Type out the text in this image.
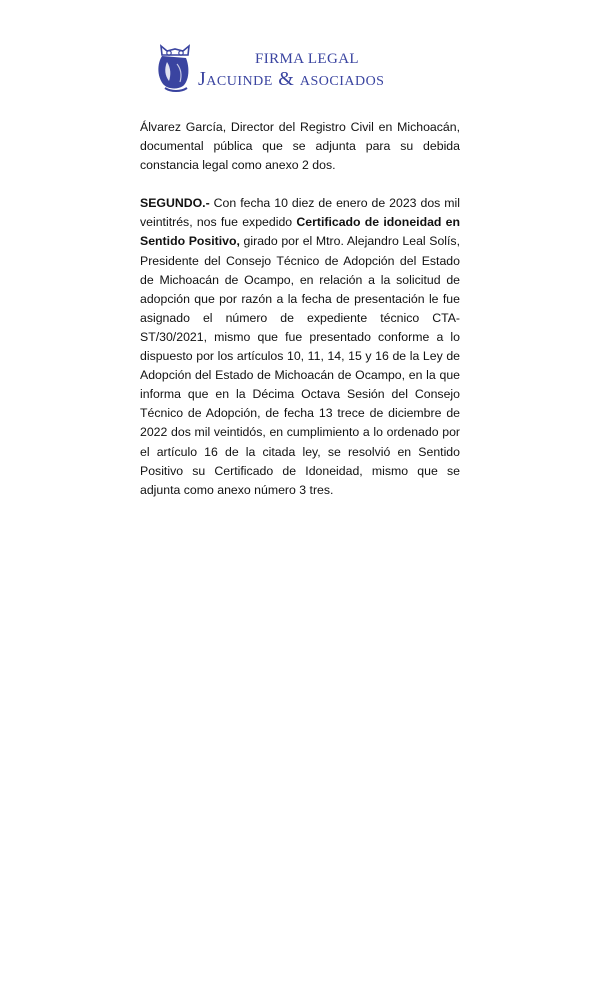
FIRMA LEGAL
Jacuinde & asociados

Álvarez García, Director del Registro Civil en Michoacán, documental pública que se adjunta para su debida constancia legal como anexo 2 dos.

SEGUNDO.- Con fecha 10 diez de enero de 2023 dos mil veintitrés, nos fue expedido Certificado de idoneidad en Sentido Positivo, girado por el Mtro. Alejandro Leal Solís, Presidente del Consejo Técnico de Adopción del Estado de Michoacán de Ocampo, en relación a la solicitud de adopción que por razón a la fecha de presentación le fue asignado el número de expediente técnico CTA-ST/30/2021, mismo que fue presentado conforme a lo dispuesto por los artículos 10, 11, 14, 15 y 16 de la Ley de Adopción del Estado de Michoacán de Ocampo, en la que informa que en la Décima Octava Sesión del Consejo Técnico de Adopción, de fecha 13 trece de diciembre de 2022 dos mil veintidós, en cumplimiento a lo ordenado por el artículo 16 de la citada ley, se resolvió en Sentido Positivo su Certificado de Idoneidad, mismo que se adjunta como anexo número 3 tres.
